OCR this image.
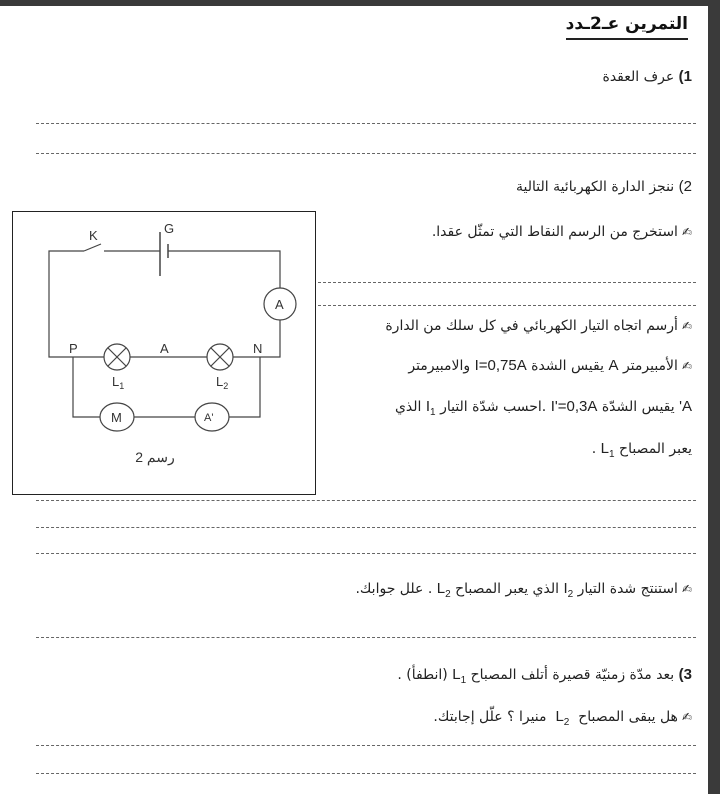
التمرين عـ2ـدد
1) عرف العقدة
2) ننجز الدارة الكهربائية التالية
✍استخرج من الرسم النقاط التي تمثّل عقدا.
✍أرسم اتجاه التيار الكهربائي في كل سلك من الدارة
✍الأمبيرمتر A يقيس الشدة I=0,75A والامبيرمتر
A' يقيس الشدّة I'=0,3A .احسب شدّة التيار $I_1$ الذي
يعبر المصباح $L_1$ .
✍استنتج شدة التيار $I_2$ الذي يعبر المصباح $L_2$ . علل جوابك.
3) بعد مدّة زمنيّة قصيرة أتلف المصباح $L_1$ (انطفأ) .
✍هل يبقى المصباح  $L_2$  منيرا ؟ علّل إجابتك.
K	G
A
P	A	N
$L_1$	$L_2$
M	A'
رسم 2
